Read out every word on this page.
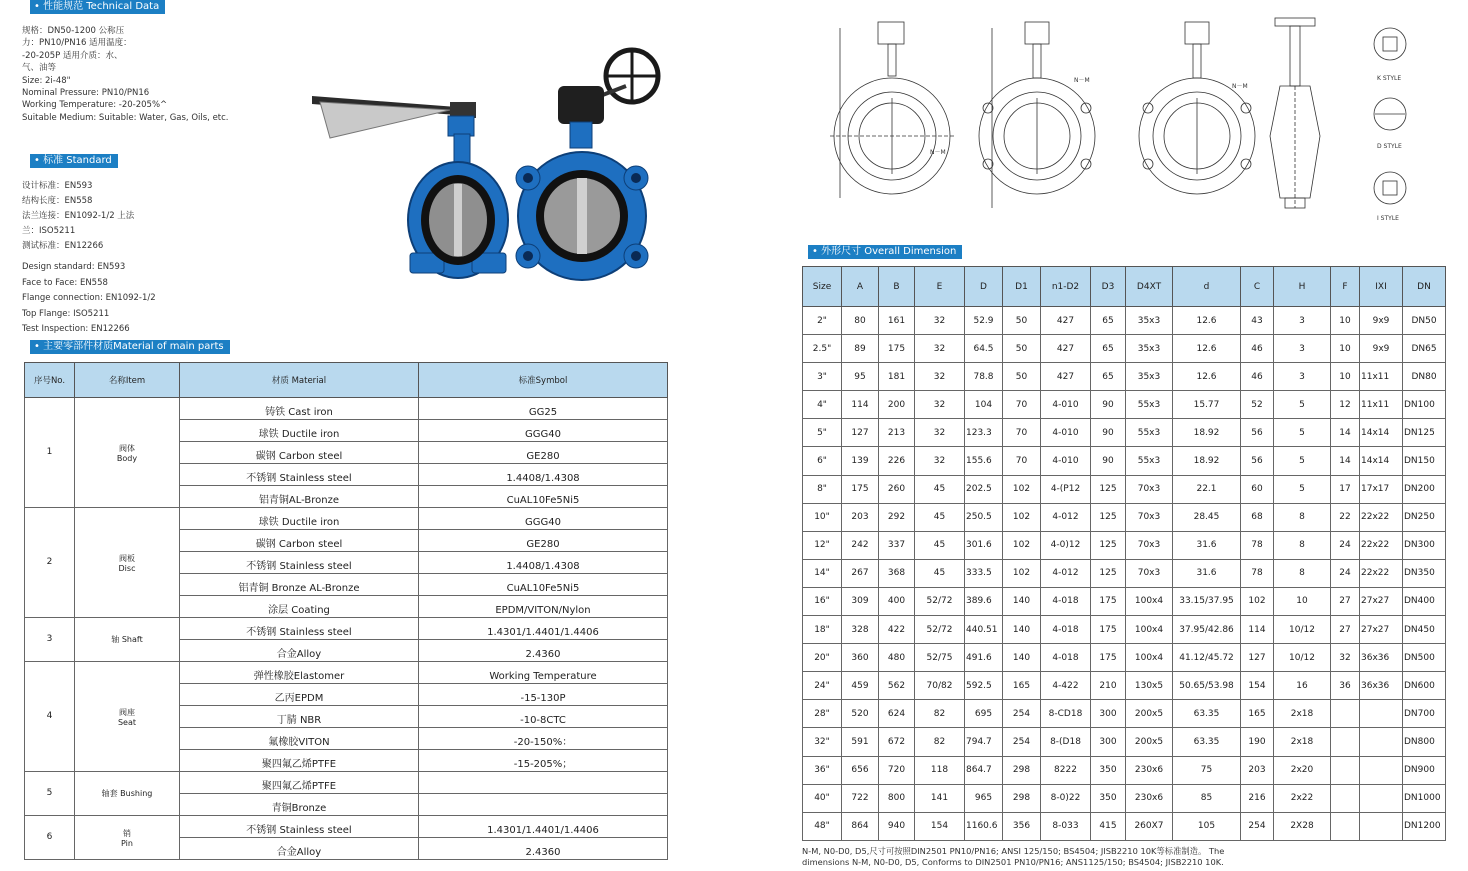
• 性能规范 Technical Data
• 标准 Standard
• 主要零部件材质Material of main parts
• 外形尺寸 Overall Dimension
规格：DN50-1200 公称压
力：PN10/PN16 适用温度：
-20-205P 适用介质：水、
气、油等
Size: 2i-48"
Nominal Pressure: PN10/PN16
Working Temperature: -20-205%^
Suitable Medium: Suitable: Water, Gas, Oils, etc.
设计标准：EN593
结构长度：EN558
法兰连接：EN1092-1/2 上法
兰：ISO5211
测试标准：EN12266
Design standard: EN593
Face to Face: EN558
Flange connection: EN1092-1/2
Top Flange: ISO5211
Test Inspection: EN12266
K STYLE
D STYLE
I STYLE
N－M
N－M
N－M
序号No.	名称Item	材质 Material	标准Symbol
1	阀体
Body	铸铁 Cast iron	GG25
		球铁 Ductile iron	GGG40
		碳钢 Carbon steel	GE280
		不锈钢 Stainless steel	1.4408/1.4308
		铝青铜AL-Bronze	CuAL10Fe5Ni5
2	阀板
Disc	球铁 Ductile iron	GGG40
		碳钢 Carbon steel	GE280
		不锈钢 Stainless steel	1.4408/1.4308
		铝青铜 Bronze AL-Bronze	CuAL10Fe5Ni5
		涂层 Coating	EPDM/VITON/Nylon
3	轴 Shaft	不锈钢 Stainless steel	1.4301/1.4401/1.4406
		合金Alloy	2.4360
4	阀座
Seat	弹性橡胶Elastomer	Working Temperature
		乙丙EPDM	-15-130P
		丁腈 NBR	-10-8CTC
		氟橡胶VITON	-20-150%：
		聚四氟乙烯PTFE	-15-205%；
5	轴套 Bushing	聚四氟乙烯PTFE	
		青铜Bronze	
6	销
Pin	不锈钢 Stainless steel	1.4301/1.4401/1.4406
		合金Alloy	2.4360
Size	A	B	E	D	D1	n1-D2	D3	D4XT	d	C	H	F	IXI	DN
2"	80	161	32	52.9	50	427	65	35x3	12.6	43	3	10	9x9	DN50
2.5"	89	175	32	64.5	50	427	65	35x3	12.6	46	3	10	9x9	DN65
3"	95	181	32	78.8	50	427	65	35x3	12.6	46	3	10	11x11	DN80
4"	114	200	32	104	70	4-010	90	55x3	15.77	52	5	12	11x11	DN100
5"	127	213	32	123.3	70	4-010	90	55x3	18.92	56	5	14	14x14	DN125
6"	139	226	32	155.6	70	4-010	90	55x3	18.92	56	5	14	14x14	DN150
8"	175	260	45	202.5	102	4-(P12	125	70x3	22.1	60	5	17	17x17	DN200
10"	203	292	45	250.5	102	4-012	125	70x3	28.45	68	8	22	22x22	DN250
12"	242	337	45	301.6	102	4-0)12	125	70x3	31.6	78	8	24	22x22	DN300
14"	267	368	45	333.5	102	4-012	125	70x3	31.6	78	8	24	22x22	DN350
16"	309	400	52/72	389.6	140	4-018	175	100x4	33.15/37.95	102	10	27	27x27	DN400
18"	328	422	52/72	440.51	140	4-018	175	100x4	37.95/42.86	114	10/12	27	27x27	DN450
20"	360	480	52/75	491.6	140	4-018	175	100x4	41.12/45.72	127	10/12	32	36x36	DN500
24"	459	562	70/82	592.5	165	4-422	210	130x5	50.65/53.98	154	16	36	36x36	DN600
28"	520	624	82	695	254	8-CD18	300	200x5	63.35	165	2x18			DN700
32"	591	672	82	794.7	254	8-(D18	300	200x5	63.35	190	2x18			DN800
36"	656	720	118	864.7	298	8222	350	230x6	75	203	2x20			DN900
40"	722	800	141	965	298	8-0)22	350	230x6	85	216	2x22			DN1000
48"	864	940	154	1160.6	356	8-033	415	260X7	105	254	2X28			DN1200
N-M, N0-D0, D5,尺寸可按照DIN2501 PN10/PN16; ANSI 125/150; BS4504; JISB2210 10K等标准制造。 The
dimensions N-M, N0-D0, D5, Conforms to DIN2501 PN10/PN16; ANS1125/150; BS4504; JISB2210 10K.
